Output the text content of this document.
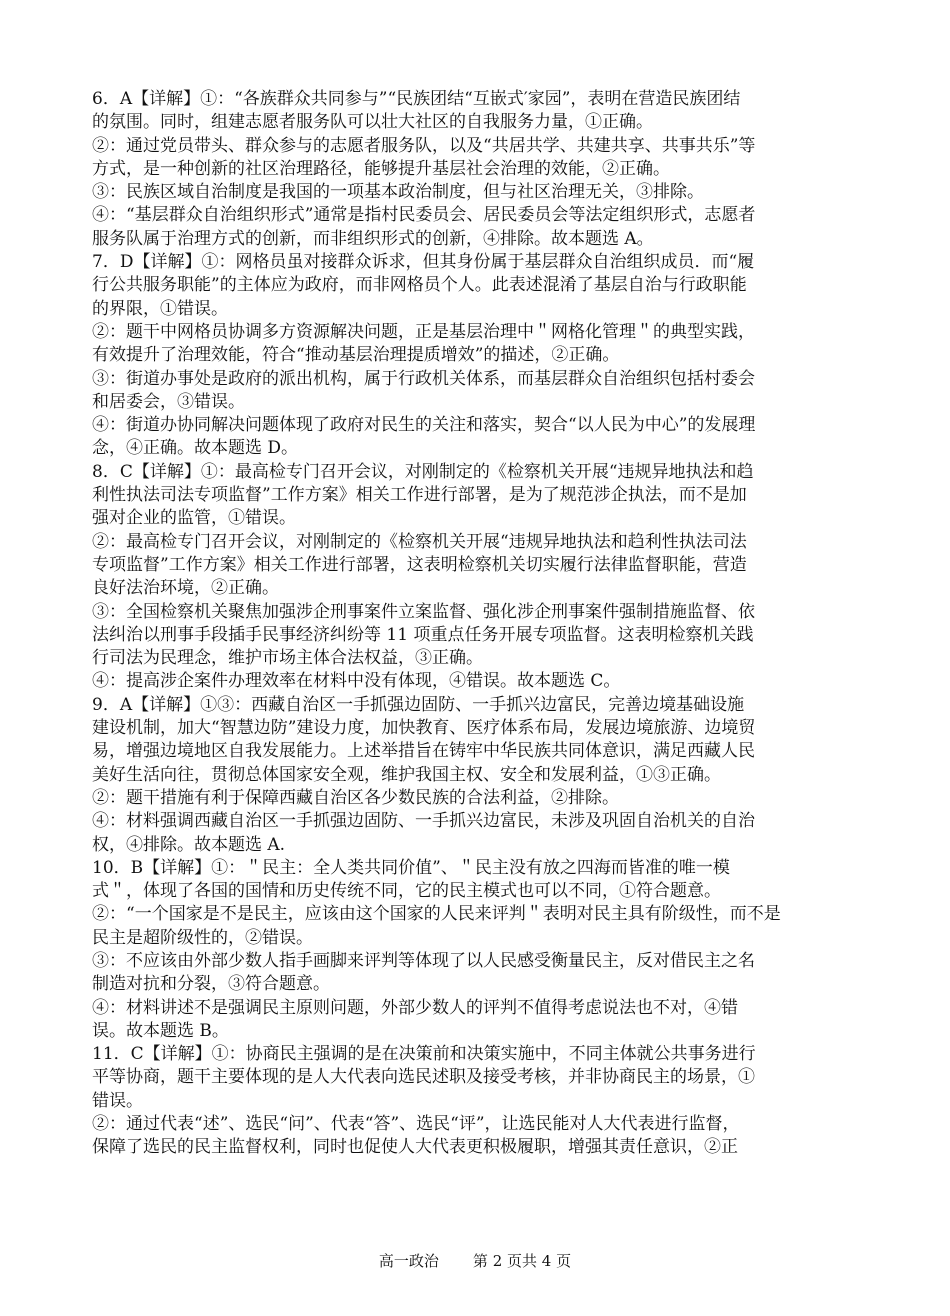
6．A【详解】①：“各族群众共同参与”“民族团结“互嵌式′家园”，表明在营造民族团结
的氛围。同时，组建志愿者服务队可以壮大社区的自我服务力量，①正确。
②：通过党员带头、群众参与的志愿者服务队，以及“共居共学、共建共享、共事共乐”等
方式，是一种创新的社区治理路径，能够提升基层社会治理的效能，②正确。
③：民族区域自治制度是我国的一项基本政治制度，但与社区治理无关，③排除。
④：“基层群众自治组织形式”通常是指村民委员会、居民委员会等法定组织形式，志愿者
服务队属于治理方式的创新，而非组织形式的创新，④排除。故本题选 A。
7．D【详解】①：网格员虽对接群众诉求，但其身份属于基层群众自治组织成员．而“履
行公共服务职能”的主体应为政府，而非网格员个人。此表述混淆了基层自治与行政职能
的界限，①错误。
②：题干中网格员协调多方资源解决问题，正是基层治理中＂网格化管理＂的典型实践，
有效提升了治理效能，符合“推动基层治理提质增效”的描述，②正确。
③：街道办事处是政府的派出机构，属于行政机关体系，而基层群众自治组织包括村委会
和居委会，③错误。
④：街道办协同解决问题体现了政府对民生的关注和落实，契合“以人民为中心”的发展理
念，④正确。故本题选 D。
8．C【详解】①：最高检专门召开会议，对刚制定的《检察机关开展“违规异地执法和趋
利性执法司法专项监督”工作方案》相关工作进行部署，是为了规范涉企执法，而不是加
强对企业的监管，①错误。
②：最高检专门召开会议，对刚制定的《检察机关开展“违规异地执法和趋利性执法司法
专项监督”工作方案》相关工作进行部署，这表明检察机关切实履行法律监督职能，营造
良好法治环境，②正确。
③：全国检察机关聚焦加强涉企刑事案件立案监督、强化涉企刑事案件强制措施监督、依
法纠治以刑事手段插手民事经济纠纷等 11 项重点任务开展专项监督。这表明检察机关践
行司法为民理念，维护市场主体合法权益，③正确。
④：提高涉企案件办理效率在材料中没有体现，④错误。故本题选 C。
9．A【详解】①③：西藏自治区一手抓强边固防、一手抓兴边富民，完善边境基础设施
建设机制，加大“智慧边防”建设力度，加快教育、医疗体系布局，发展边境旅游、边境贸
易，增强边境地区自我发展能力。上述举措旨在铸牢中华民族共同体意识，满足西藏人民
美好生活向往，贯彻总体国家安全观，维护我国主权、安全和发展利益，①③正确。
②：题干措施有利于保障西藏自治区各少数民族的合法利益，②排除。
④：材料强调西藏自治区一手抓强边固防、一手抓兴边富民，未涉及巩固自治机关的自治
权，④排除。故本题选 A.
10．B【详解】①：＂民主：全人类共同价值”、＂民主没有放之四海而皆准的唯一模
式＂，体现了各国的国情和历史传统不同，它的民主模式也可以不同，①符合题意。
②：“一个国家是不是民主，应该由这个国家的人民来评判＂表明对民主具有阶级性，而不是
民主是超阶级性的，②错误。
③：不应该由外部少数人指手画脚来评判等体现了以人民感受衡量民主，反对借民主之名
制造对抗和分裂，③符合题意。
④：材料讲述不是强调民主原则问题，外部少数人的评判不值得考虑说法也不对，④错
误。故本题选 B。
11．C【详解】①：协商民主强调的是在决策前和决策实施中，不同主体就公共事务进行
平等协商，题干主要体现的是人大代表向选民述职及接受考核，并非协商民主的场景，①
错误。
②：通过代表“述”、选民“问”、代表“答”、选民“评”，让选民能对人大代表进行监督，
保障了选民的民主监督权利，同时也促使人大代表更积极履职，增强其责任意识，②正
高一政治 第 2 页共 4 页
